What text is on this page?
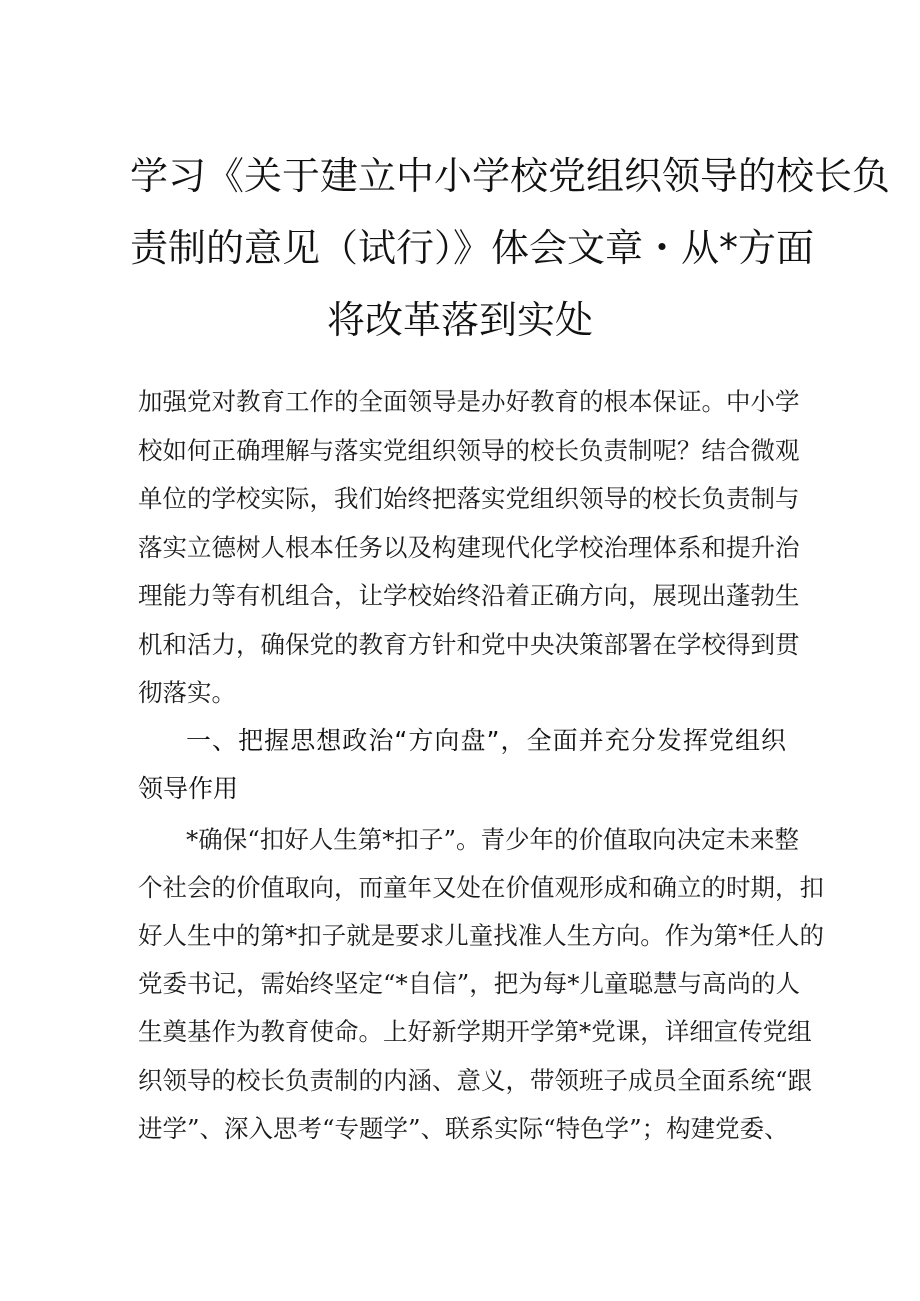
学习《关于建立中小学校党组织领导的校长负
责制的意见（试行）》体会文章・从*方面
将改革落到实处
加强党对教育工作的全面领导是办好教育的根本保证。中小学
校如何正确理解与落实党组织领导的校长负责制呢？结合微观
单位的学校实际，我们始终把落实党组织领导的校长负责制与
落实立德树人根本任务以及构建现代化学校治理体系和提升治
理能力等有机组合，让学校始终沿着正确方向，展现出蓬勃生
机和活力，确保党的教育方针和党中央决策部署在学校得到贯
彻落实。
一、把握思想政治“方向盘”，全面并充分发挥党组织
领导作用
*确保“扣好人生第*扣子”。青少年的价值取向决定未来整
个社会的价值取向，而童年又处在价值观形成和确立的时期，扣
好人生中的第*扣子就是要求儿童找准人生方向。作为第*任人的
党委书记，需始终坚定“*自信”，把为每*儿童聪慧与高尚的人
生奠基作为教育使命。上好新学期开学第*党课，详细宣传党组
织领导的校长负责制的内涵、意义，带领班子成员全面系统“跟
进学”、深入思考“专题学”、联系实际“特色学”；构建党委、
